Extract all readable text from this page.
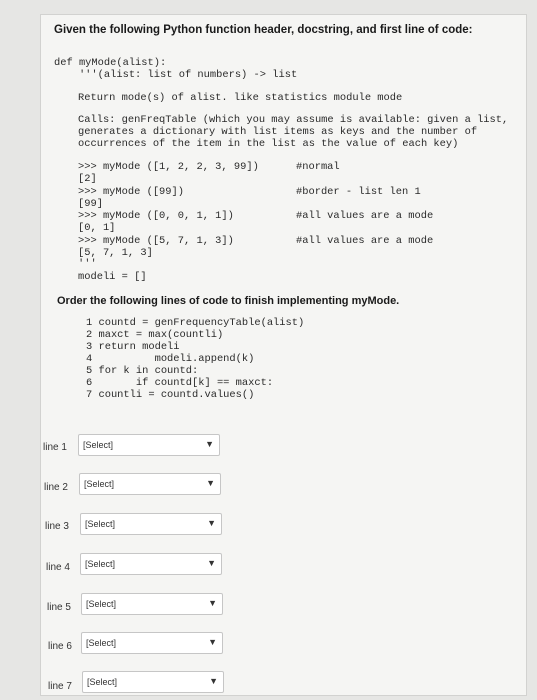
Given the following Python function header, docstring, and first line of code:
def myMode(alist):
'''(alist: list of numbers) -> list
Return mode(s) of alist. like statistics module mode
Calls: genFreqTable (which you may assume is available: given a list,
generates a dictionary with list items as keys and the number of
occurrences of the item in the list as the value of each key)
>>> myMode ([1, 2, 2, 3, 99])	#normal
[2]
>>> myMode ([99])	#border - list len 1
[99]
>>> myMode ([0, 0, 1, 1])	#all values are a mode
[0, 1]
>>> myMode ([5, 7, 1, 3])	#all values are a mode
[5, 7, 1, 3]
'''
modeli = []
Order the following lines of code to finish implementing myMode.
1 countd = genFrequencyTable(alist)
2 maxct = max(countli)
3 return modeli
4          modeli.append(k)
5 for k in countd:
6       if countd[k] == maxct:
7 countli = countd.values()
line 1 [Select]	▼
line 2 [Select]	▼
line 3 [Select]	▼
line 4 [Select]	▼
line 5 [Select]	▼
line 6 [Select]	▼
line 7 [Select]	▼
